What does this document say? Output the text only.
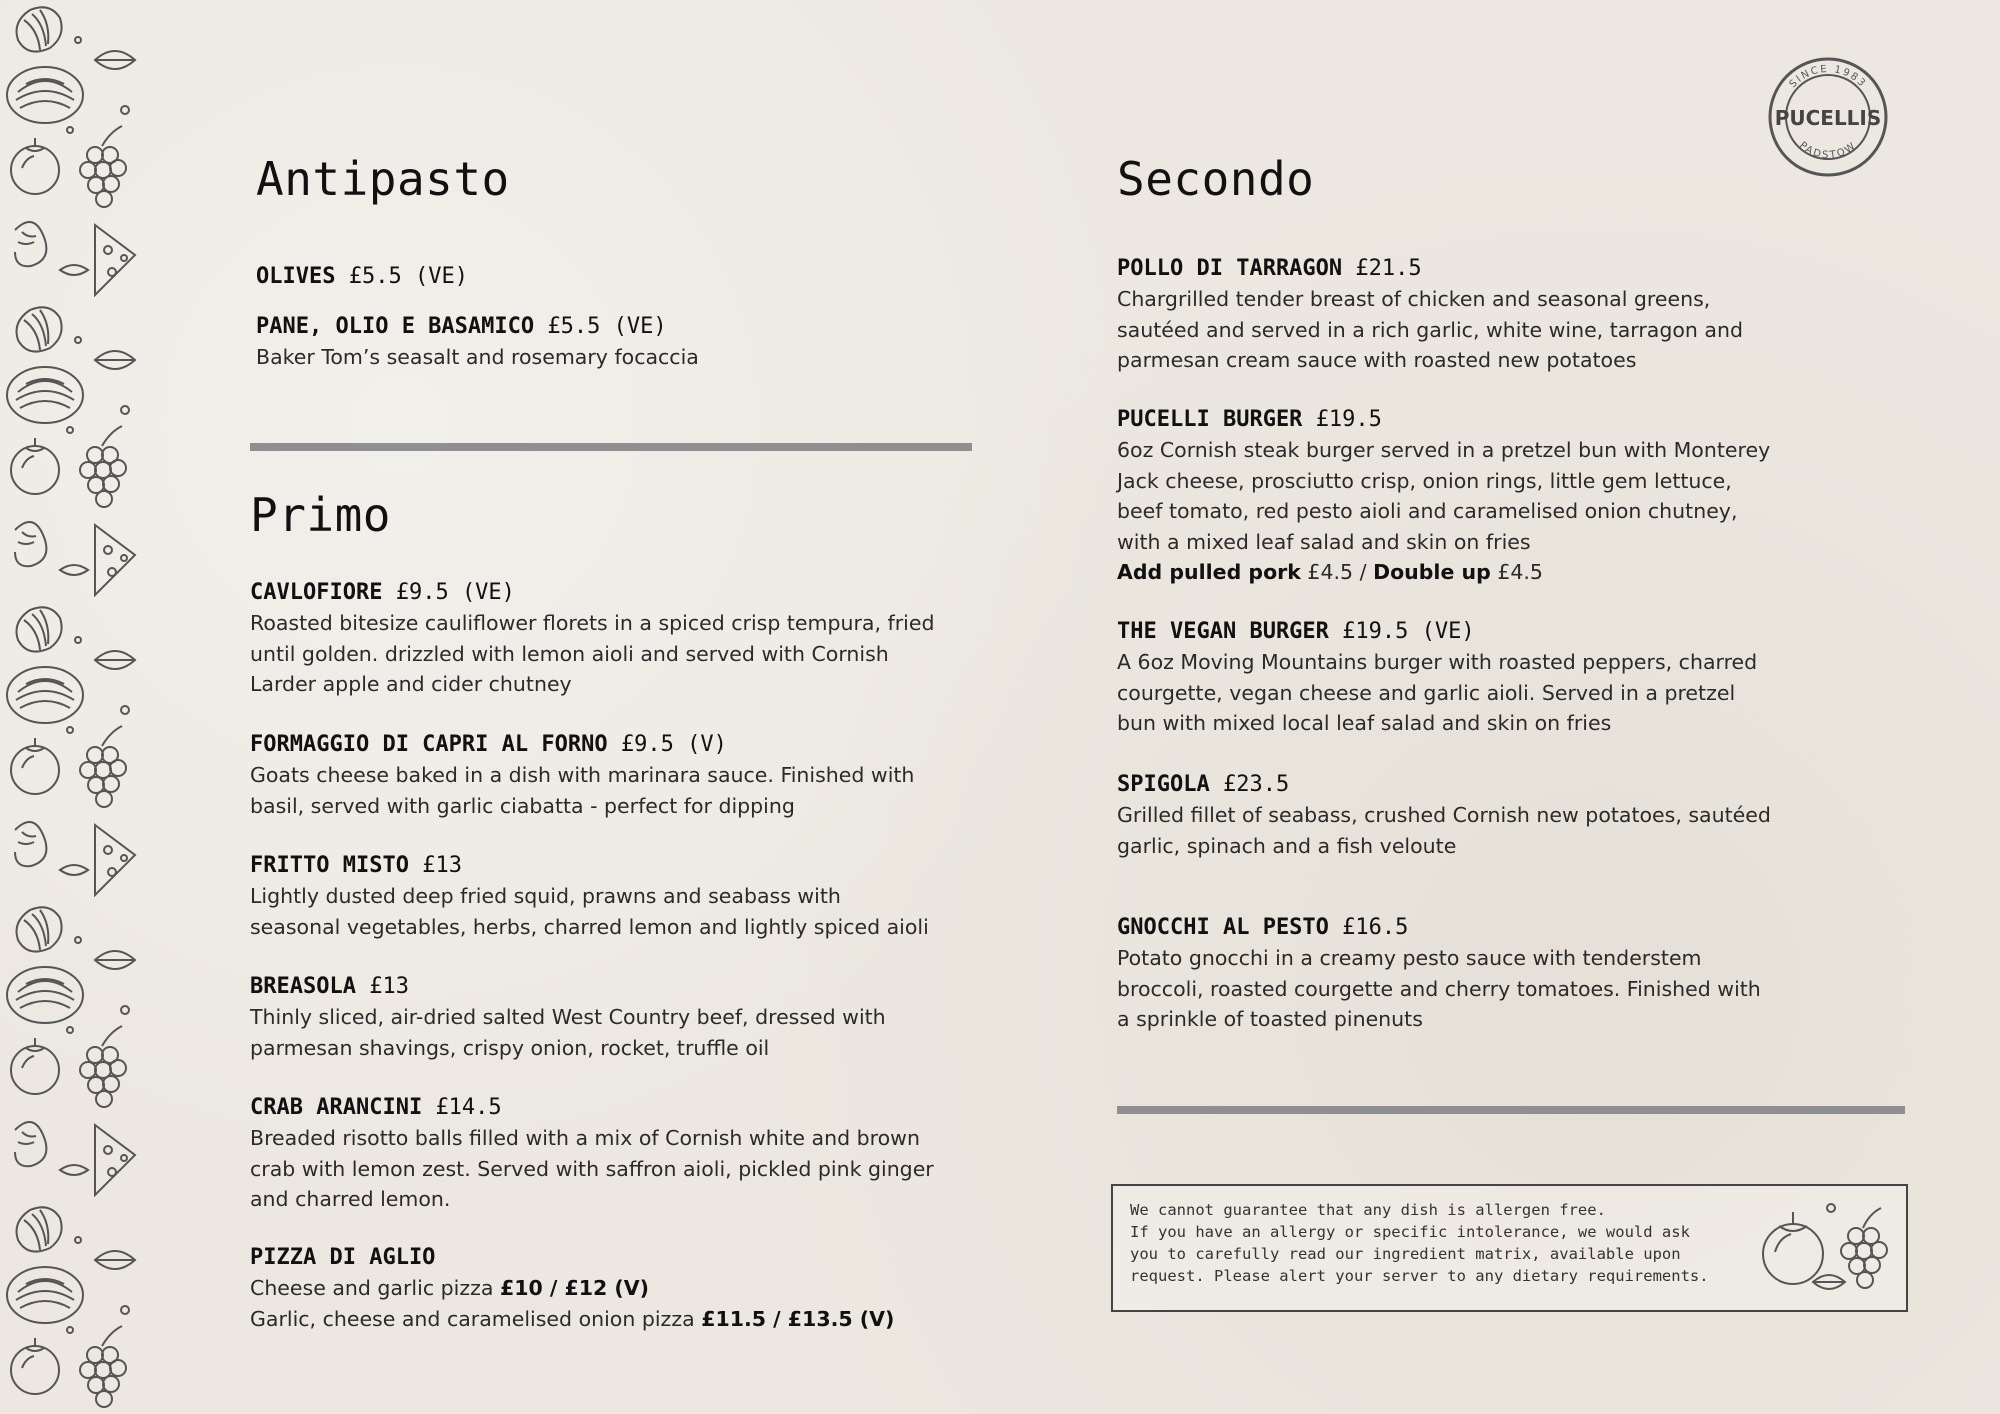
SINCE 1983
PADSTOW
PUCELLIS
Antipasto
OLIVES £5.5 (VE)
PANE, OLIO E BASAMICO £5.5 (VE)
Baker Tom’s seasalt and rosemary focaccia
Primo
CAVLOFIORE £9.5 (VE)
Roasted bitesize cauliflower florets in a spiced crisp tempura, fried
until golden. drizzled with lemon aioli and served with Cornish
Larder apple and cider chutney
FORMAGGIO DI CAPRI AL FORNO £9.5 (V)
Goats cheese baked in a dish with marinara sauce. Finished with
basil, served with garlic ciabatta - perfect for dipping
FRITTO MISTO £13
Lightly dusted deep fried squid, prawns and seabass with
seasonal vegetables, herbs, charred lemon and lightly spiced aioli
BREASOLA £13
Thinly sliced, air-dried salted West Country beef, dressed with
parmesan shavings, crispy onion, rocket, truffle oil
CRAB ARANCINI £14.5
Breaded risotto balls filled with a mix of Cornish white and brown
crab with lemon zest. Served with saffron aioli, pickled pink ginger
and charred lemon.
PIZZA DI AGLIO
Cheese and garlic pizza £10 / £12 (V)
Garlic, cheese and caramelised onion pizza £11.5 / £13.5 (V)
Secondo
POLLO DI TARRAGON £21.5
Chargrilled tender breast of chicken and seasonal greens,
sautéed and served in a rich garlic, white wine, tarragon and
parmesan cream sauce with roasted new potatoes
PUCELLI BURGER £19.5
6oz Cornish steak burger served in a pretzel bun with Monterey
Jack cheese, prosciutto crisp, onion rings, little gem lettuce,
beef tomato, red pesto aioli and caramelised onion chutney,
with a mixed leaf salad and skin on fries
Add pulled pork £4.5 / Double up £4.5
THE VEGAN BURGER £19.5 (VE)
A 6oz Moving Mountains burger with roasted peppers, charred
courgette, vegan cheese and garlic aioli. Served in a pretzel
bun with mixed local leaf salad and skin on fries
SPIGOLA £23.5
Grilled fillet of seabass, crushed Cornish new potatoes, sautéed
garlic, spinach and a fish veloute
GNOCCHI AL PESTO £16.5
Potato gnocchi in a creamy pesto sauce with tenderstem
broccoli, roasted courgette and cherry tomatoes. Finished with
a sprinkle of toasted pinenuts
We cannot guarantee that any dish is allergen free.
If you have an allergy or specific intolerance, we would ask
you to carefully read our ingredient matrix, available upon
request. Please alert your server to any dietary requirements.
